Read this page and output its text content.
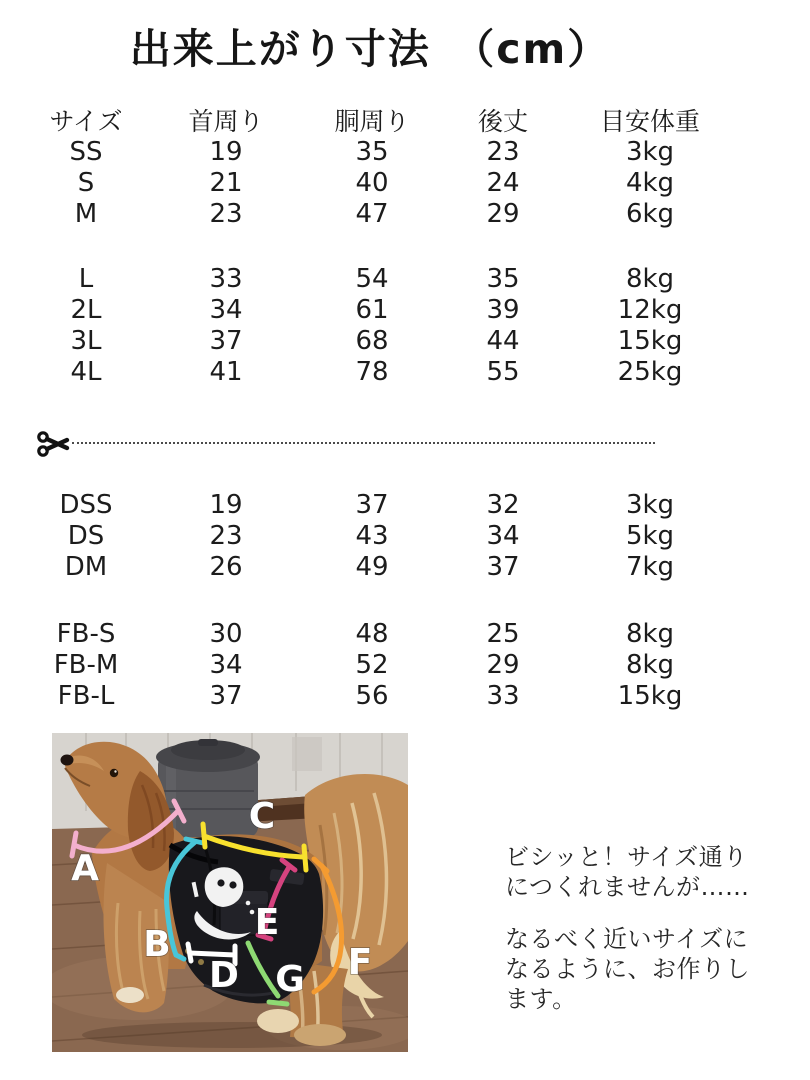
出来上がり寸法　（cm）
サイズ	首周り	胴周り	後丈	目安体重
SS	19	35	23	3kg
S	21	40	24	4kg
M	23	47	29	6kg
L	33	54	35	8kg
2L	34	61	39	12kg
3L	37	68	44	15kg
4L	41	78	55	25kg
DSS	19	37	32	3kg
DS	23	43	34	5kg
DM	26	49	37	7kg
FB-S	30	48	25	8kg
FB-M	34	52	29	8kg
FB-L	37	56	33	15kg
A
B
C
D
E
F
G
ビシッと！サイズ通り
につくれませんが……
なるべく近いサイズに
なるように、お作りし
ます。
